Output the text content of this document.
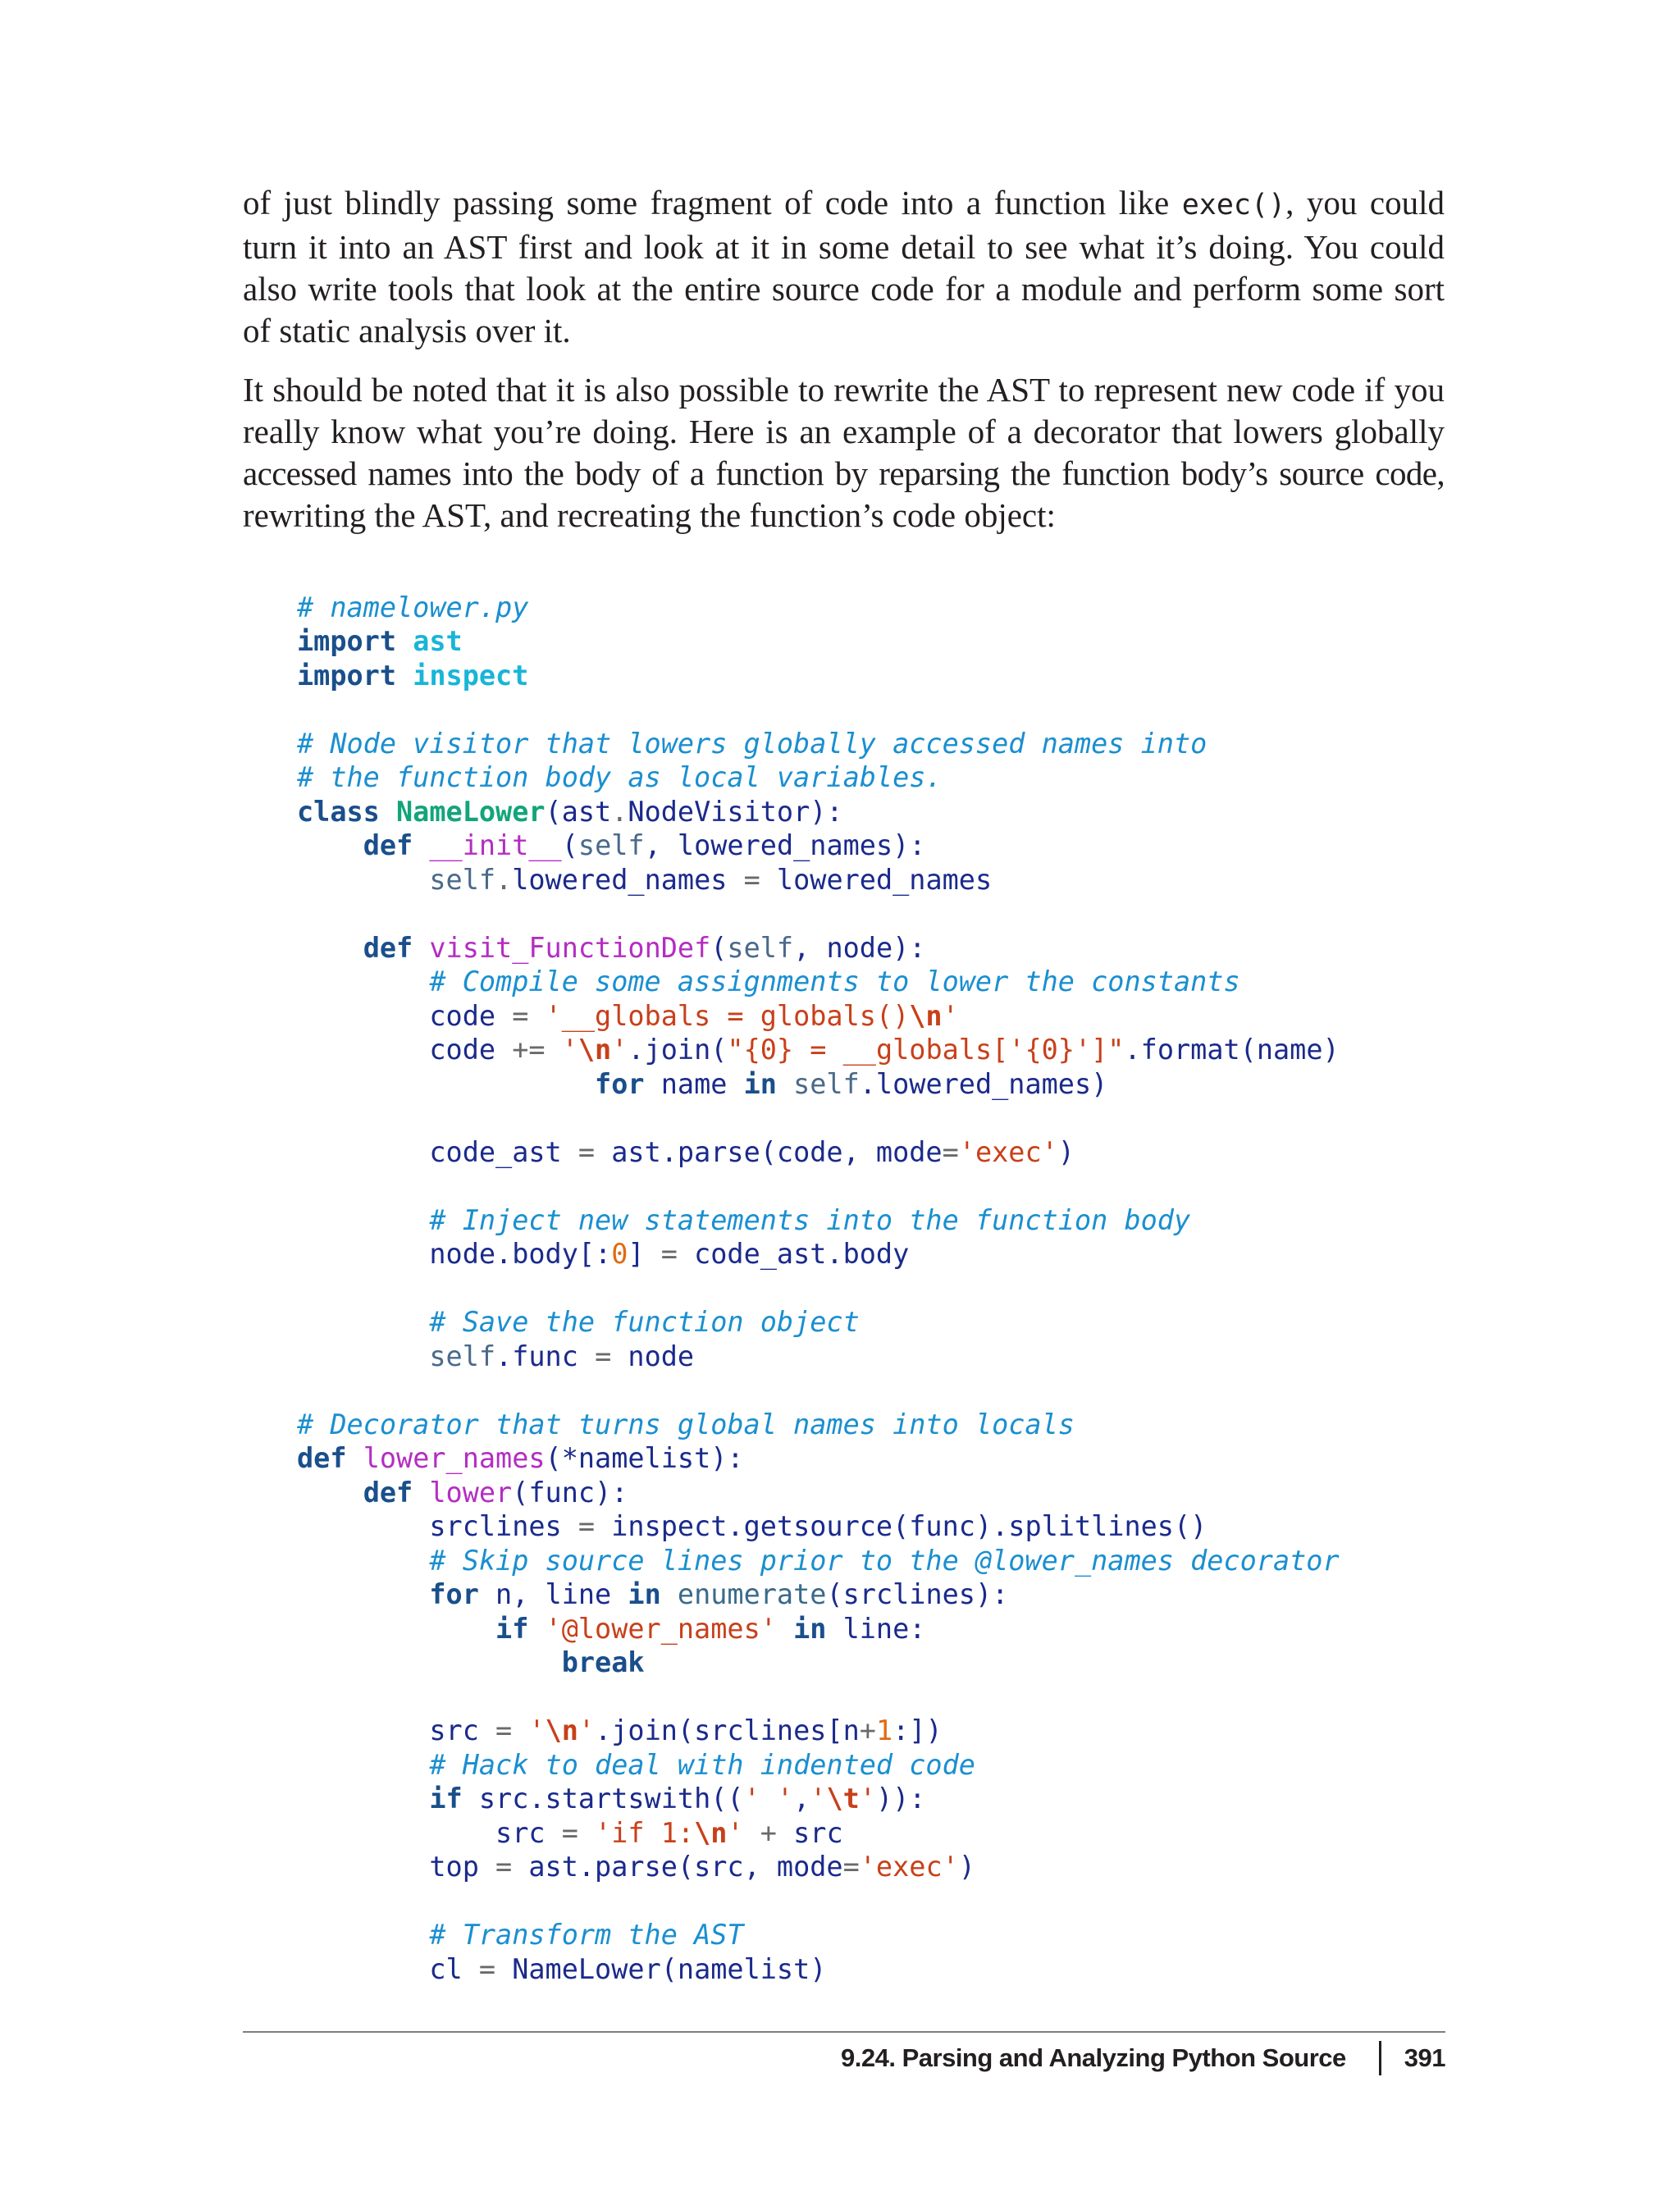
of just blindly passing some fragment of code into a function like exec(), you could
turn it into an AST first and look at it in some detail to see what it’s doing. You could
also write tools that look at the entire source code for a module and perform some sort
of static analysis over it.
It should be noted that it is also possible to rewrite the AST to represent new code if you
really know what you’re doing. Here is an example of a decorator that lowers globally
accessed names into the body of a function by reparsing the function body’s source code,
rewriting the AST, and recreating the function’s code object:

# namelower.py
import ast
import inspect
# Node visitor that lowers globally accessed names into
# the function body as local variables.
class NameLower(ast.NodeVisitor):
def __init__(self, lowered_names):
self.lowered_names = lowered_names
def visit_FunctionDef(self, node):
# Compile some assignments to lower the constants
code = '__globals = globals()\n'
code += '\n'.join("{0} = __globals['{0}']".format(name)
for name in self.lowered_names)
code_ast = ast.parse(code, mode='exec')
# Inject new statements into the function body
node.body[:0] = code_ast.body
# Save the function object
self.func = node
# Decorator that turns global names into locals
def lower_names(*namelist):
def lower(func):
srclines = inspect.getsource(func).splitlines()
# Skip source lines prior to the @lower_names decorator
for n, line in enumerate(srclines):
if '@lower_names' in line:
break
src = '\n'.join(srclines[n+1:])
# Hack to deal with indented code
if src.startswith((' ','\t')):
src = 'if 1:\n' + src
top = ast.parse(src, mode='exec')
# Transform the AST
cl = NameLower(namelist)

9.24. Parsing and Analyzing Python Source 391
